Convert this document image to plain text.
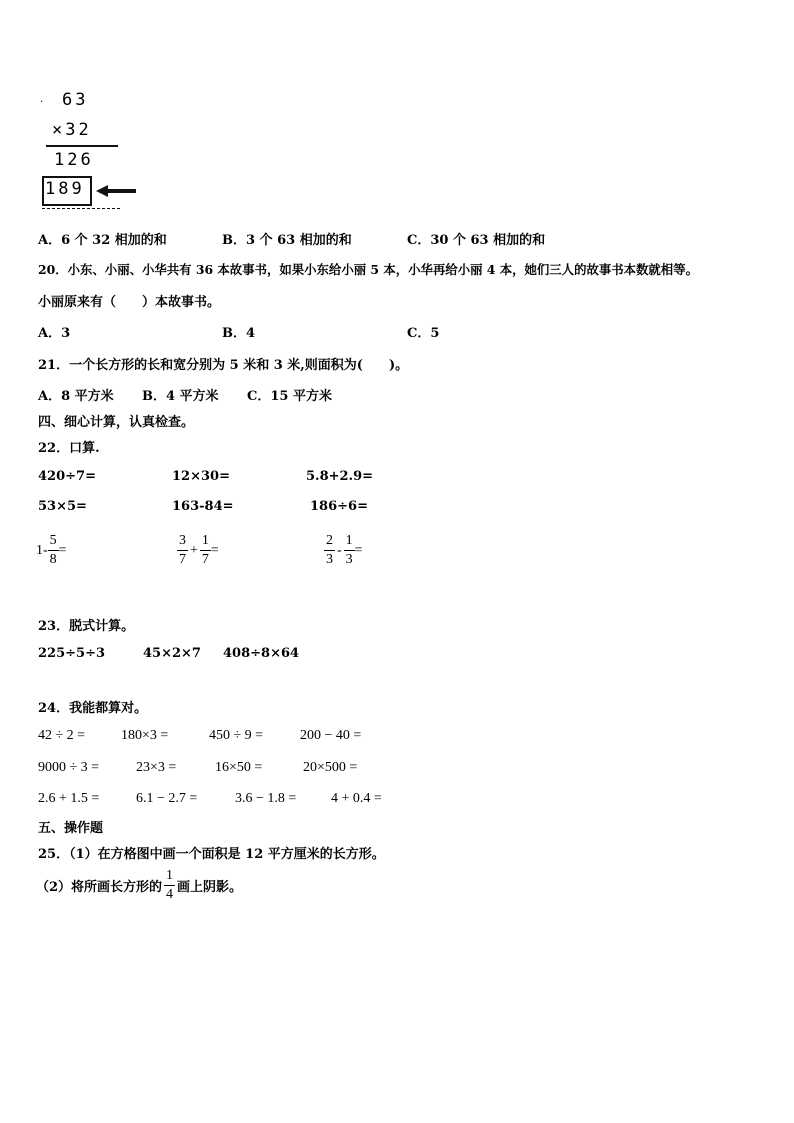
. 63
×32
126
189
A．6 个 32 相加的和	B．3 个 63 相加的和	C．30 个 63 相加的和
20．小东、小丽、小华共有 36 本故事书，如果小东给小丽 5 本，小华再给小丽 4 本，她们三人的故事书本数就相等。
小丽原来有（　　）本故事书。
A．3	B．4	C．5
21．一个长方形的长和宽分别为 5 米和 3 米,则面积为(　　)。
A．8 平方米 B．4 平方米 C．15 平方米
四、细心计算，认真检查。
22．口算.
420÷7=	12×30=	5.8+2.9=
53×5=	163-84=	186÷6=
$1- \frac{5}{8}$ =	$\frac{3}{7} + \frac{1}{7}$ =	$\frac{2}{3} - \frac{1}{3}$ =
23．脱式计算。
225÷5÷3	45×2×7 408÷8×64
24．我能都算对。
42 ÷ 2 =	180×3 =	450 ÷ 9 =	200 − 40 =
9000 ÷ 3 =	23×3 =	16×50 =	20×500 =
2.6 + 1.5 =	6.1 − 2.7 =	3.6 − 1.8 = 4 + 0.4 =
五、操作题
25．（1）在方格图中画一个面积是 12 平方厘米的长方形。
（2）将所画长方形的 $\frac{1}{4}$ 画上阴影。
